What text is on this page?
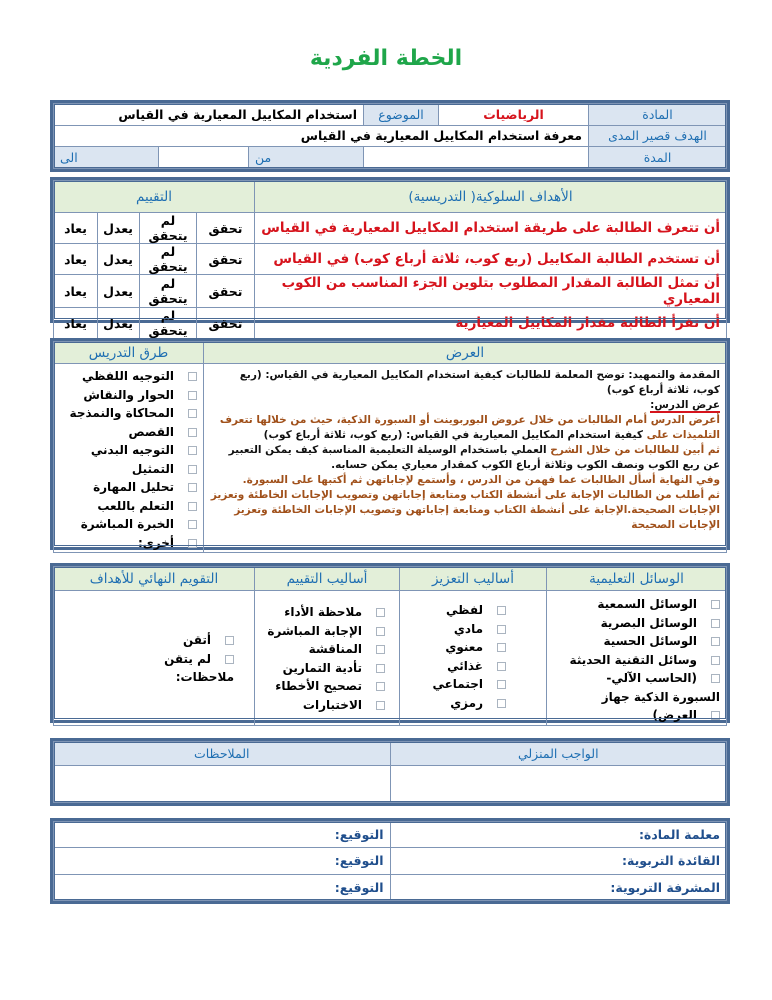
الخطة الفردية
المادة	الرياضيات	الموضوع	استخدام المكاييل المعيارية في القياس		
الهدف قصير المدى	معرفة استخدام المكاييل المعيارية في القياس				
المدة			من		الى
الأهداف السلوكية( التدريسية)	التقييم			
أن تتعرف الطالبة على طريقة استخدام المكاييل المعيارية في القياس	تحقق	لم يتحقق	يعدل	يعاد
أن تستخدم الطالبة المكاييل (ربع كوب، ثلاثة أرباع كوب) في القياس	تحقق	لم يتحقق	يعدل	يعاد
أن تمثل الطالبة المقدار المطلوب بتلوين الجزء المناسب من الكوب المعياري	تحقق	لم يتحقق	يعدل	يعاد
أن تقرأ الطالبة مقدار المكاييل المعيارية	تحقق	لم يتحقق	يعدل	يعاد
العرض	طرق التدريس

المقدمة والتمهيد: توضح المعلمة للطالبات كيفية استخدام المكاييل المعيارية في القياس: (ربع كوب، ثلاثة أرباع كوب)
عرض الدرس:
أعرض الدرس أمام الطالبات من خلال عروض البوربوينت أو السبورة الذكية، حيث من خلالها تتعرف التلميذات على كيفية استخدام المكاييل المعيارية في القياس: (ربع كوب، ثلاثة أرباع كوب)
ثم أبين للطالبات من خلال الشرح العملي باستخدام الوسيلة التعليمية المناسبة كيف يمكن التعبير عن ربع الكوب ونصف الكوب وثلاثة أرباع الكوب كمقدار معياري يمكن حسابه.
وفي النهاية أسأل الطالبات عما فهمن من الدرس ، وأستمع لإجاباتهن ثم أكتبها على السبورة.
ثم أطلب من الطالبات الإجابة على أنشطة الكتاب ومتابعة إجاباتهن وتصويب الإجابات الخاطئة وتعزيز الإجابات الصحيحة.الإجابة على أنشطة الكتاب ومتابعة إجاباتهن وتصويب الإجابات الخاطئة وتعزيز الإجابات الصحيحة

التوجيه اللفظي
الحوار والنقاش
المحاكاة والنمذجة
القصص
التوجيه البدني
التمثيل
تحليل المهارة
التعلم باللعب
الخبرة المباشرة
أخرى:
الوسائل التعليمية	أساليب التعزيز	أساليب التقييم	التقويم النهائي للأهداف

الوسائل السمعية
الوسائل البصرية
الوسائل الحسية
وسائل التقنية الحديثة
(الحاسب الآلي-السبورة الذكية جهاز
العرض)

لفظي
مادي
معنوي
غذائي
اجتماعي
رمزي

ملاحظة الأداء
الإجابة المباشرة
المناقشة
تأدية التمارين
تصحيح الأخطاء
الاختبارات

أتقن
لم يتقن
ملاحظات:
الواجب المنزلي	الملاحظات

معلمة المادة:	التوقيع:
القائدة التربوية:	التوقيع:
المشرفة التربوية:	التوقيع:
